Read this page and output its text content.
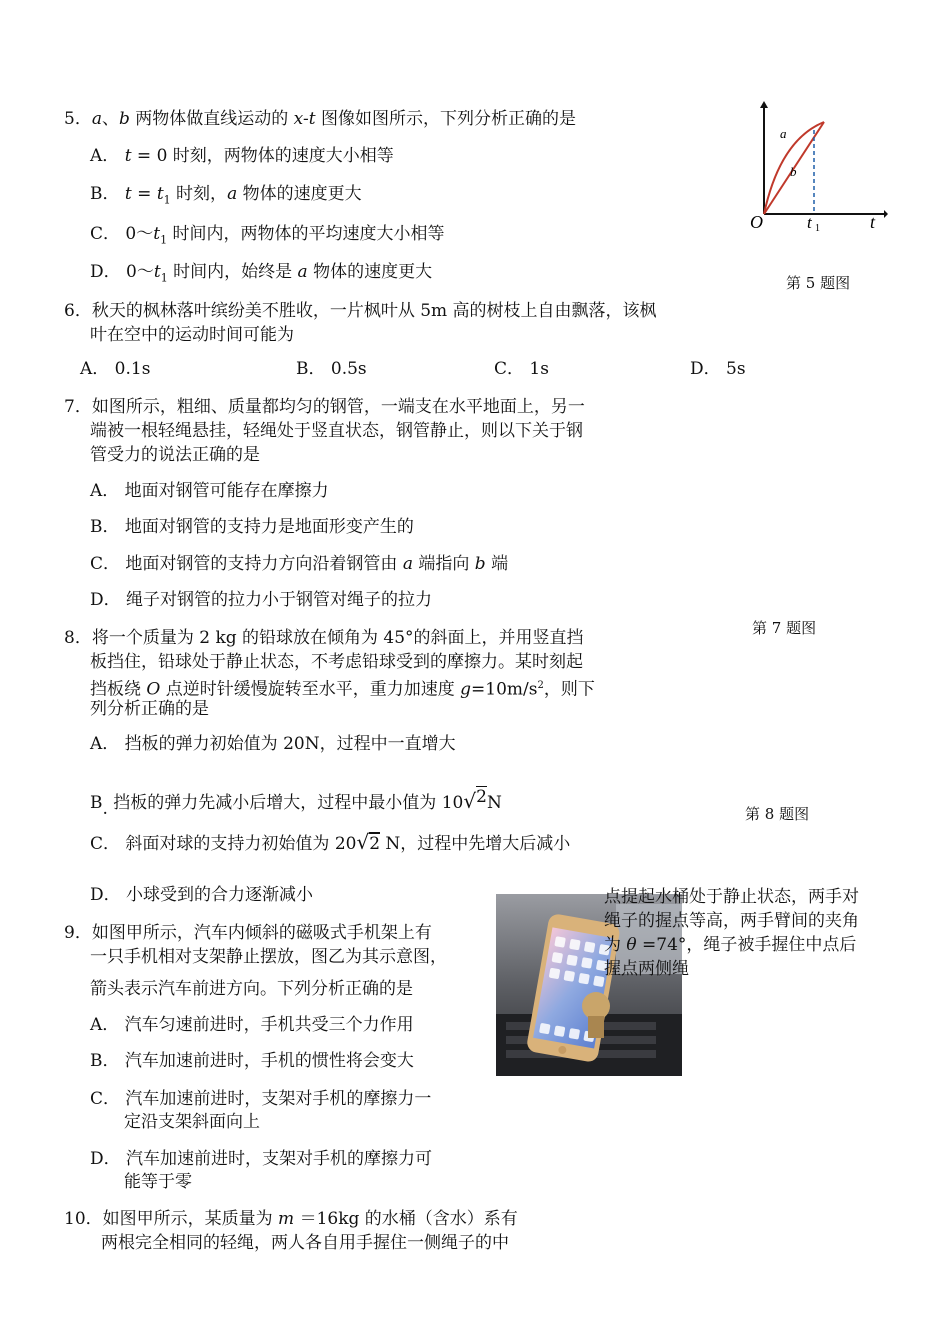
5．a、b 两物体做直线运动的 x-t 图像如图所示，下列分析正确的是
A． t = 0 时刻，两物体的速度大小相等
B． $t = t_1$ 时刻，a 物体的速度更大
C． $0\sim t_1$ 时间内，两物体的平均速度大小相等
D． $0\sim t_1$ 时间内，始终是 a 物体的速度更大
a
b
O	t 1	t
第 5 题图
6．秋天的枫林落叶缤纷美不胜收，一片枫叶从 5m 高的树枝上自由飘落，该枫
叶在空中的运动时间可能为
A． 0.1s	B． 0.5s	C． 1s	D． 5s
7．如图所示，粗细、质量都均匀的钢管，一端支在水平地面上，另一
端被一根轻绳悬挂，轻绳处于竖直状态，钢管静止，则以下关于钢
管受力的说法正确的是
A． 地面对钢管可能存在摩擦力
B． 地面对钢管的支持力是地面形变产生的
C． 地面对钢管的支持力方向沿着钢管由 a 端指向 b 端
D． 绳子对钢管的拉力小于钢管对绳子的拉力
第 7 题图
8．将一个质量为 2 kg 的铅球放在倾角为 45°的斜面上，并用竖直挡
板挡住，铅球处于静止状态，不考虑铅球受到的摩擦力。某时刻起
挡板绕 O 点逆时针缓慢旋转至水平，重力加速度 $g=10m/s^2$，则下
列分析正确的是
A． 挡板的弹力初始值为 20N，过程中一直增大
B. 挡板的弹力先减小后增大，过程中最小值为 10√2N
第 8 题图
C． 斜面对球的支持力初始值为 20√2 N，过程中先增大后减小
D． 小球受到的合力逐渐减小
9．如图甲所示，汽车内倾斜的磁吸式手机架上有
一只手机相对支架静止摆放，图乙为其示意图，
箭头表示汽车前进方向。下列分析正确的是
A． 汽车匀速前进时，手机共受三个力作用
B． 汽车加速前进时，手机的惯性将会变大
C． 汽车加速前进时，支架对手机的摩擦力一
定沿支架斜面向上
D． 汽车加速前进时，支架对手机的摩擦力可
能等于零
10．如图甲所示，某质量为 m ＝16kg 的水桶（含水）系有
两根完全相同的轻绳，两人各自用手握住一侧绳子的中
点提起水桶处于静止状态，两手对
绳子的握点等高，两手臂间的夹角
为 θ =74°，绳子被手握住中点后
握点两侧绳
